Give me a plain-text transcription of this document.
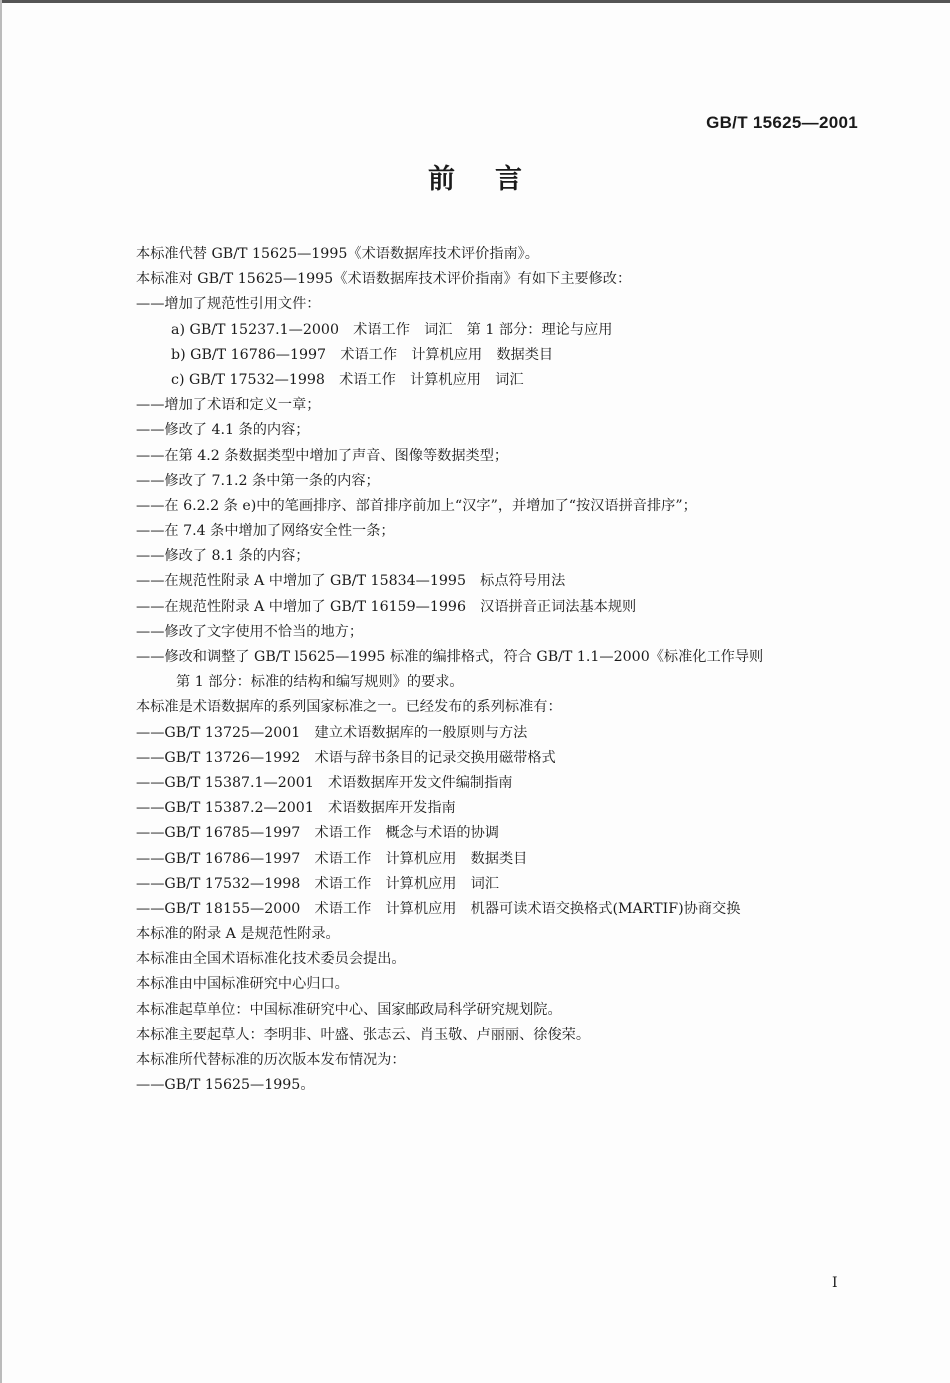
GB/T 15625—2001
前言
本标准代替 GB/T 15625—1995《术语数据库技术评价指南》。
本标准对 GB/T 15625—1995《术语数据库技术评价指南》有如下主要修改：
——增加了规范性引用文件：
a) GB/T 15237.1—2000　术语工作　词汇　第 1 部分：理论与应用
b) GB/T 16786—1997　术语工作　计算机应用　数据类目
c) GB/T 17532—1998　术语工作　计算机应用　词汇
——增加了术语和定义一章；
——修改了 4.1 条的内容；
——在第 4.2 条数据类型中增加了声音、图像等数据类型；
——修改了 7.1.2 条中第一条的内容；
——在 6.2.2 条 e)中的笔画排序、部首排序前加上“汉字”，并增加了“按汉语拼音排序”；
——在 7.4 条中增加了网络安全性一条；
——修改了 8.1 条的内容；
——在规范性附录 A 中增加了 GB/T 15834—1995　标点符号用法
——在规范性附录 A 中增加了 GB/T 16159—1996　汉语拼音正词法基本规则
——修改了文字使用不恰当的地方；
——修改和调整了 GB/T l5625—1995 标准的编排格式，符合 GB/T 1.1—2000《标准化工作导则
第 1 部分：标准的结构和编写规则》的要求。
本标准是术语数据库的系列国家标准之一。已经发布的系列标准有：
——GB/T 13725—2001　建立术语数据库的一般原则与方法
——GB/T 13726—1992　术语与辞书条目的记录交换用磁带格式
——GB/T 15387.1—2001　术语数据库开发文件编制指南
——GB/T 15387.2—2001　术语数据库开发指南
——GB/T 16785—1997　术语工作　概念与术语的协调
——GB/T 16786—1997　术语工作　计算机应用　数据类目
——GB/T 17532—1998　术语工作　计算机应用　词汇
——GB/T 18155—2000　术语工作　计算机应用　机器可读术语交换格式(MARTIF)协商交换
本标准的附录 A 是规范性附录。
本标准由全国术语标准化技术委员会提出。
本标准由中国标准研究中心归口。
本标准起草单位：中国标准研究中心、国家邮政局科学研究规划院。
本标准主要起草人：李明非、叶盛、张志云、肖玉敬、卢丽丽、徐俊荣。
本标准所代替标准的历次版本发布情况为：
——GB/T 15625—1995。
I
